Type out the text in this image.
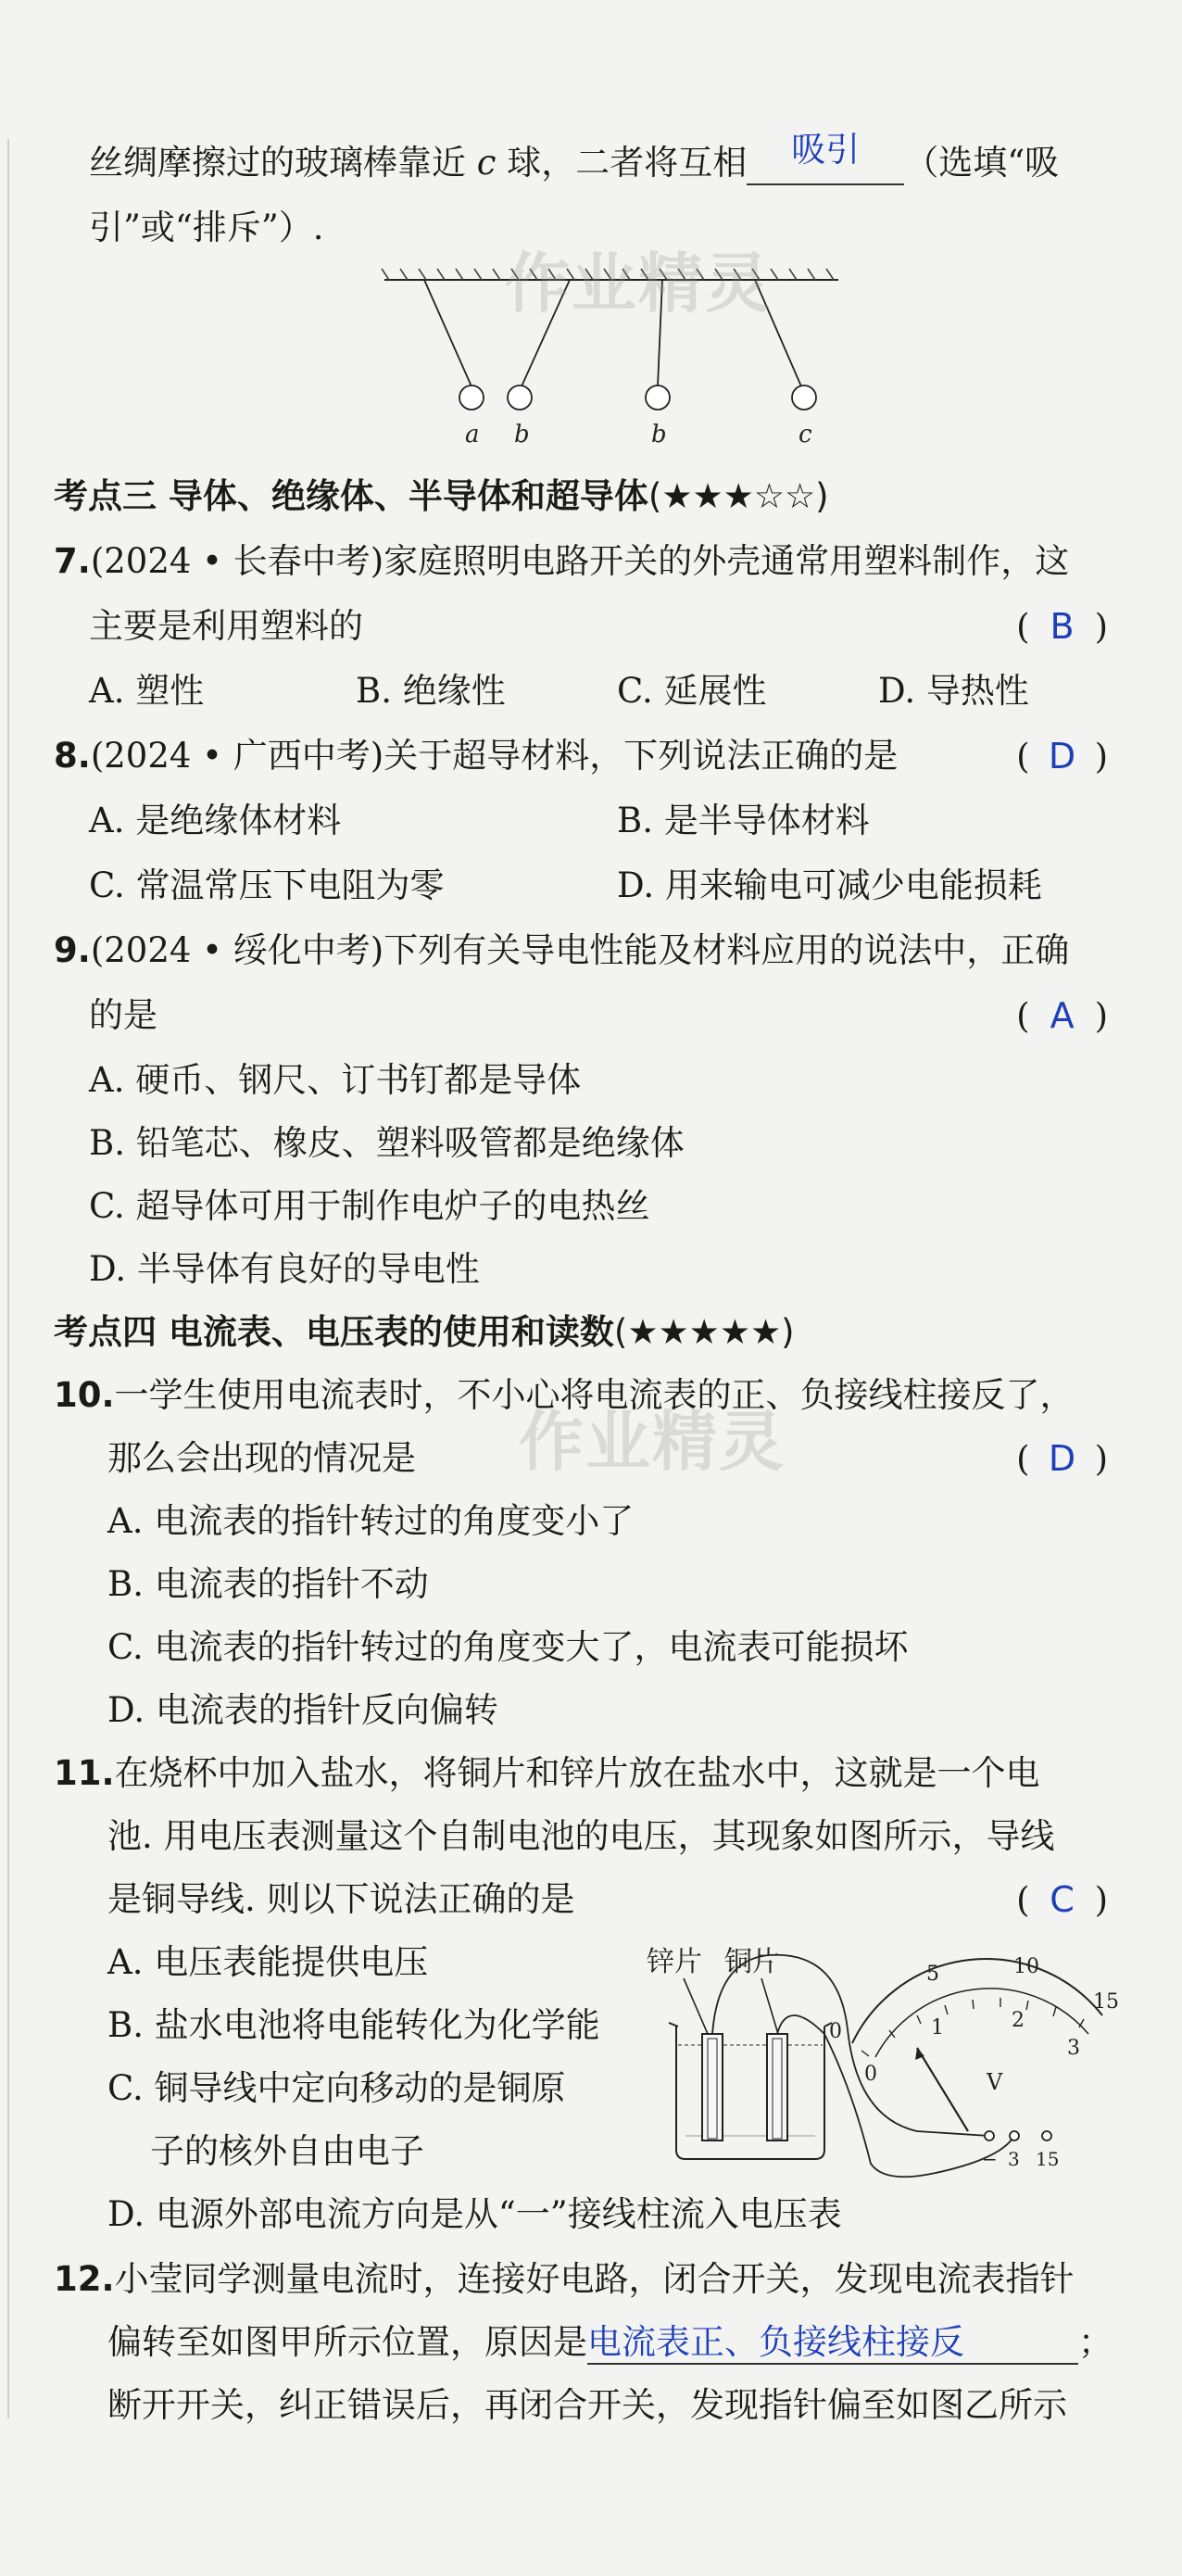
丝绸摩擦过的玻璃棒靠近 c 球，二者将互相 吸引 （选填“吸
引”或“排斥”）.
a b	b	c
考点三 导体、绝缘体、半导体和超导体(★★★☆☆)
7.(2024 • 长春中考)家庭照明电路开关的外壳通常用塑料制作，这
主要是利用塑料的	( B )
A. 塑性	B. 绝缘性	C. 延展性	D. 导热性
8.(2024 • 广西中考)关于超导材料，下列说法正确的是	( D )
A. 是绝缘体材料	B. 是半导体材料
C. 常温常压下电阻为零	D. 用来输电可减少电能损耗
9.(2024 • 绥化中考)下列有关导电性能及材料应用的说法中，正确
的是	( A )
A. 硬币、钢尺、订书钉都是导体
B. 铅笔芯、橡皮、塑料吸管都是绝缘体
C. 超导体可用于制作电炉子的电热丝
D. 半导体有良好的导电性
考点四 电流表、电压表的使用和读数(★★★★★)
10.一学生使用电流表时，不小心将电流表的正、负接线柱接反了，
那么会出现的情况是	( D )
A. 电流表的指针转过的角度变小了
B. 电流表的指针不动
C. 电流表的指针转过的角度变大了，电流表可能损坏
D. 电流表的指针反向偏转
11.在烧杯中加入盐水，将铜片和锌片放在盐水中，这就是一个电
池. 用电压表测量这个自制电池的电压，其现象如图所示，导线
是铜导线. 则以下说法正确的是	( C )
A. 电压表能提供电压
B. 盐水电池将电能转化为化学能
C. 铜导线中定向移动的是铜原
子的核外自由电子
D. 电源外部电流方向是从“一”接线柱流入电压表
锌片 铜片
0
5	10
15
0
1	2
3
V
− 3 15
12.小莹同学测量电流时，连接好电路，闭合开关，发现电流表指针
偏转至如图甲所示位置，原因是电流表正、负接线柱接反	；
断开开关，纠正错误后，再闭合开关，发现指针偏至如图乙所示
作业精灵
作业精灵
